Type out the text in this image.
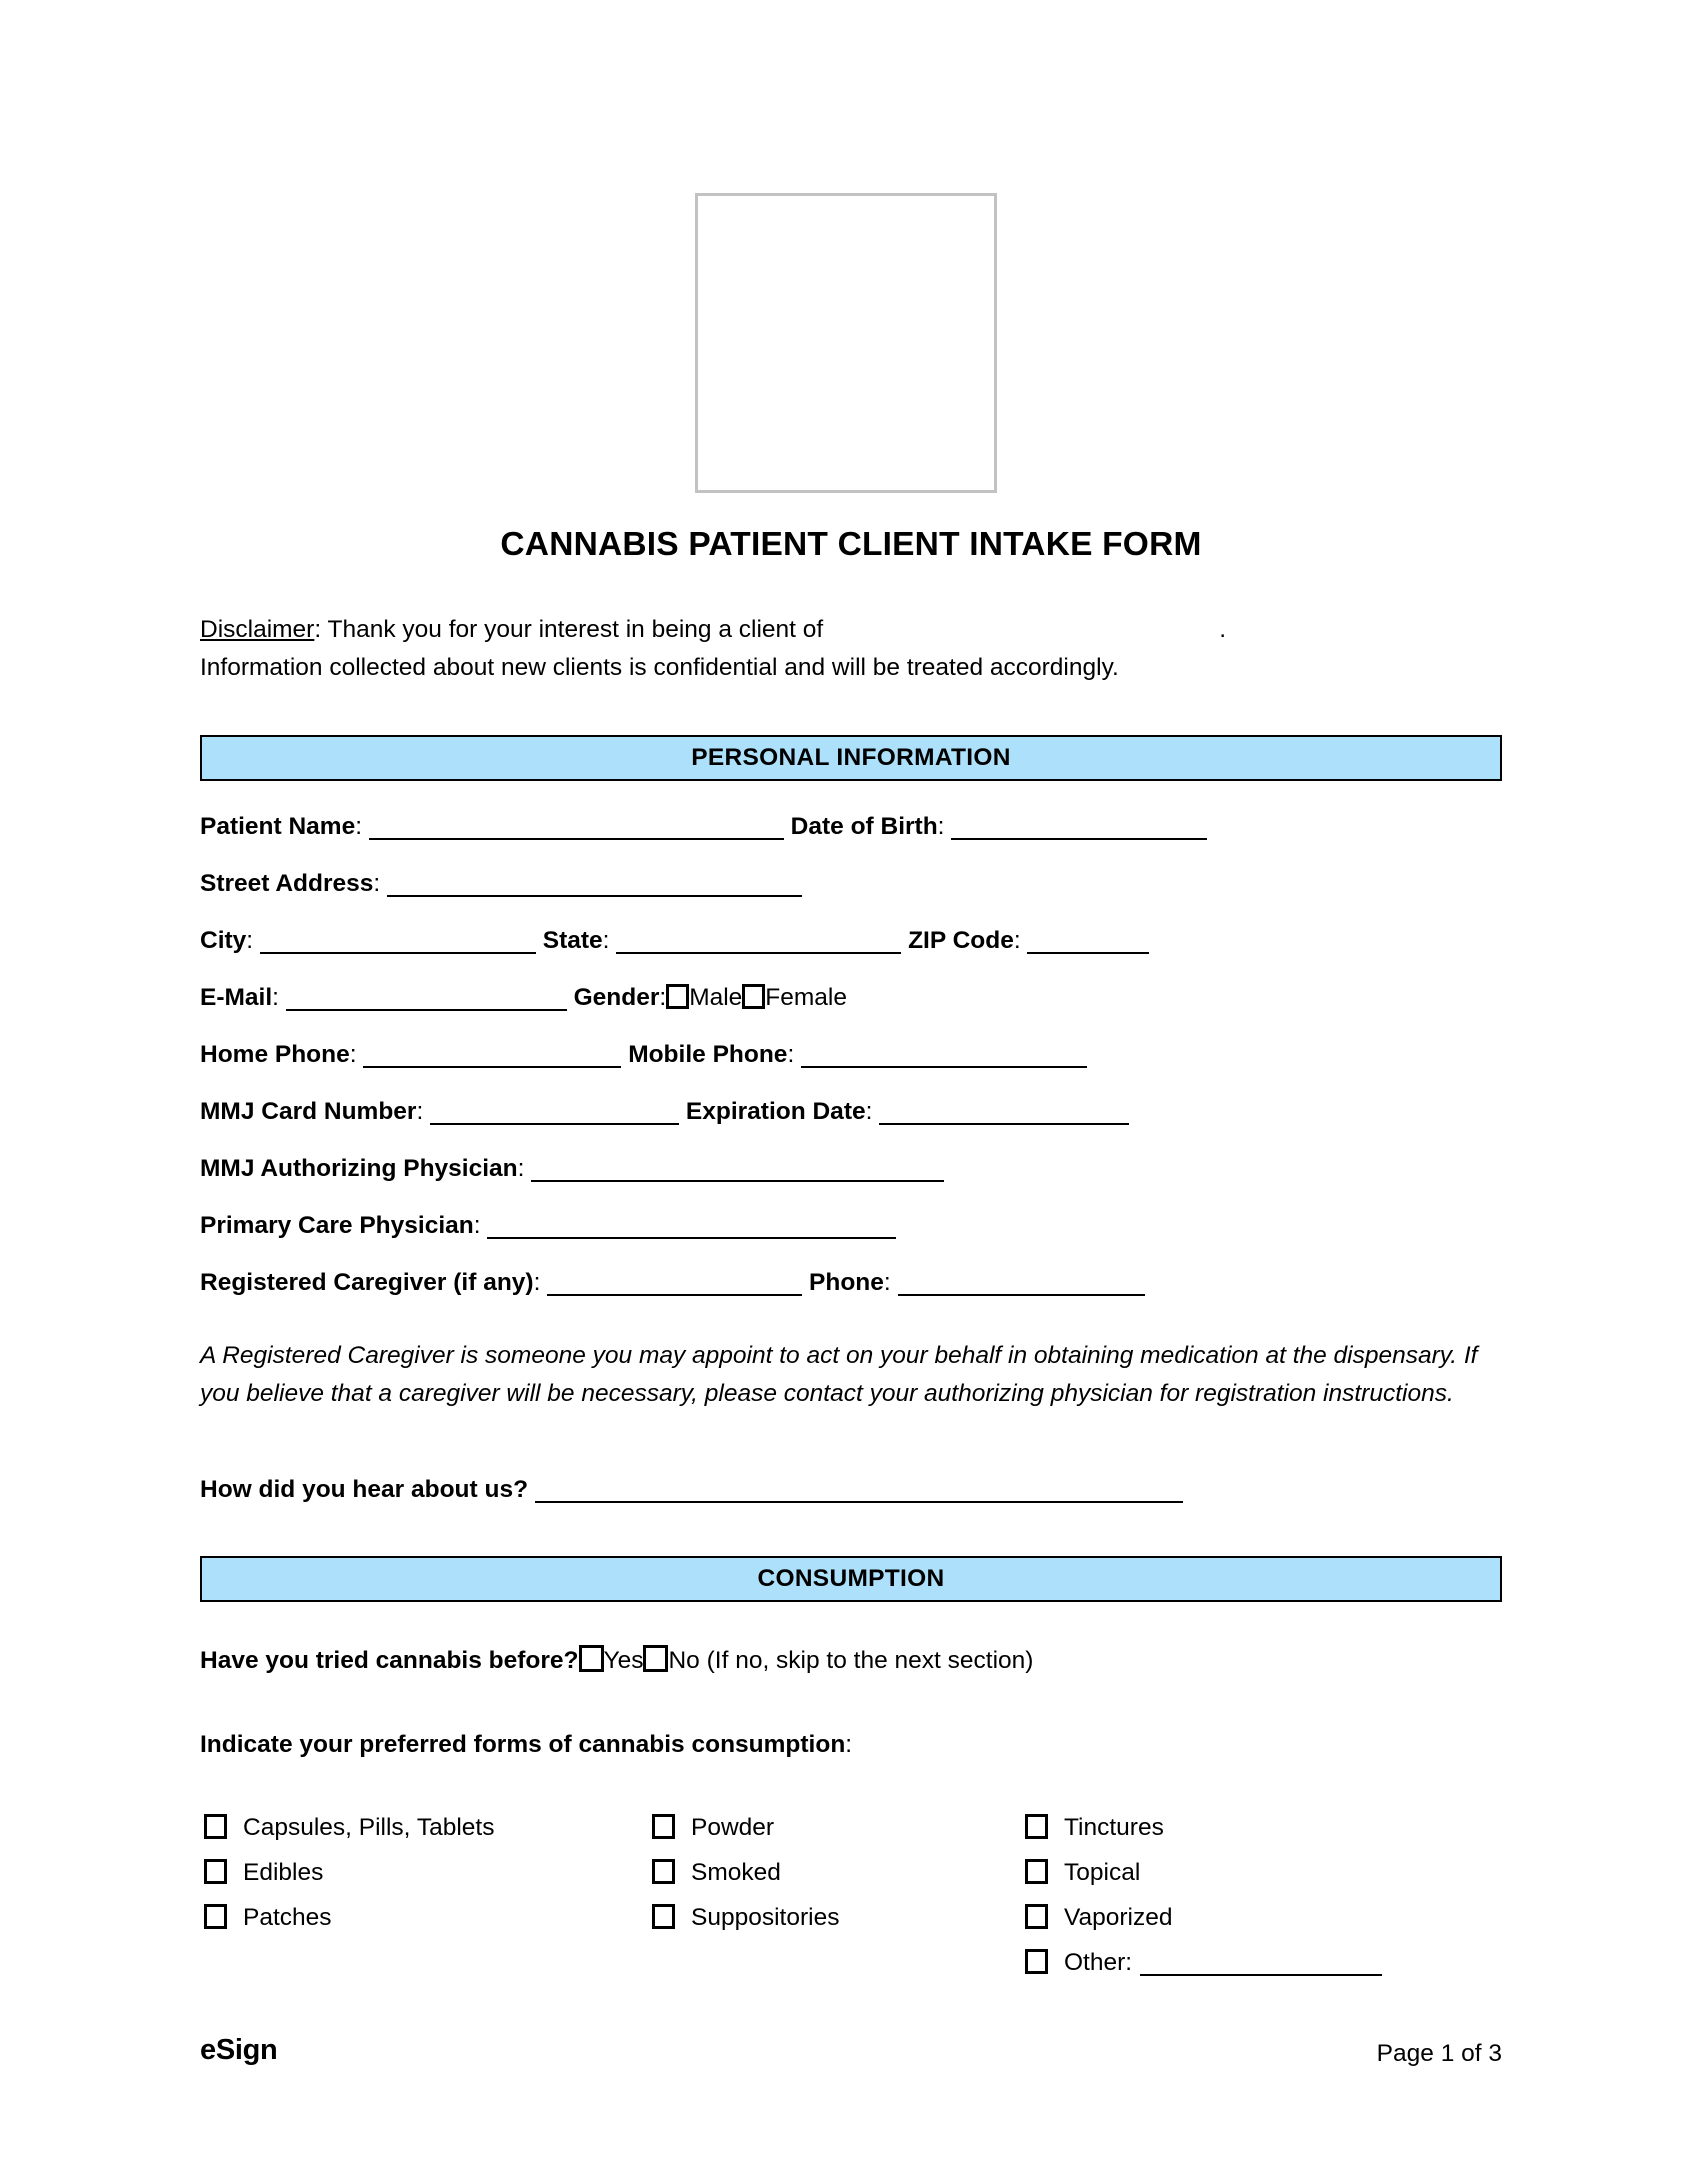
CANNABIS PATIENT CLIENT INTAKE FORM
Disclaimer: Thank you for your interest in being a client of	.
Information collected about new clients is confidential and will be treated accordingly.
PERSONAL INFORMATION
Patient Name:	Date of Birth:
Street Address:
City:	State:	ZIP Code:
E-Mail:	Gender: Male Female
Home Phone:	Mobile Phone:
MMJ Card Number:	Expiration Date:
MMJ Authorizing Physician:
Primary Care Physician:
Registered Caregiver (if any):	Phone:
A Registered Caregiver is someone you may appoint to act on your behalf in obtaining medication at the dispensary. If you believe that a caregiver will be necessary, please contact your authorizing physician for registration instructions.
How did you hear about us?
CONSUMPTION
Have you tried cannabis before? Yes No (If no, skip to the next section)
Indicate your preferred forms of cannabis consumption:
Capsules, Pills, Tablets
Edibles
Patches
Powder
Smoked
Suppositories
Tinctures
Topical
Vaporized
Other:
eSign	Page 1 of 3
